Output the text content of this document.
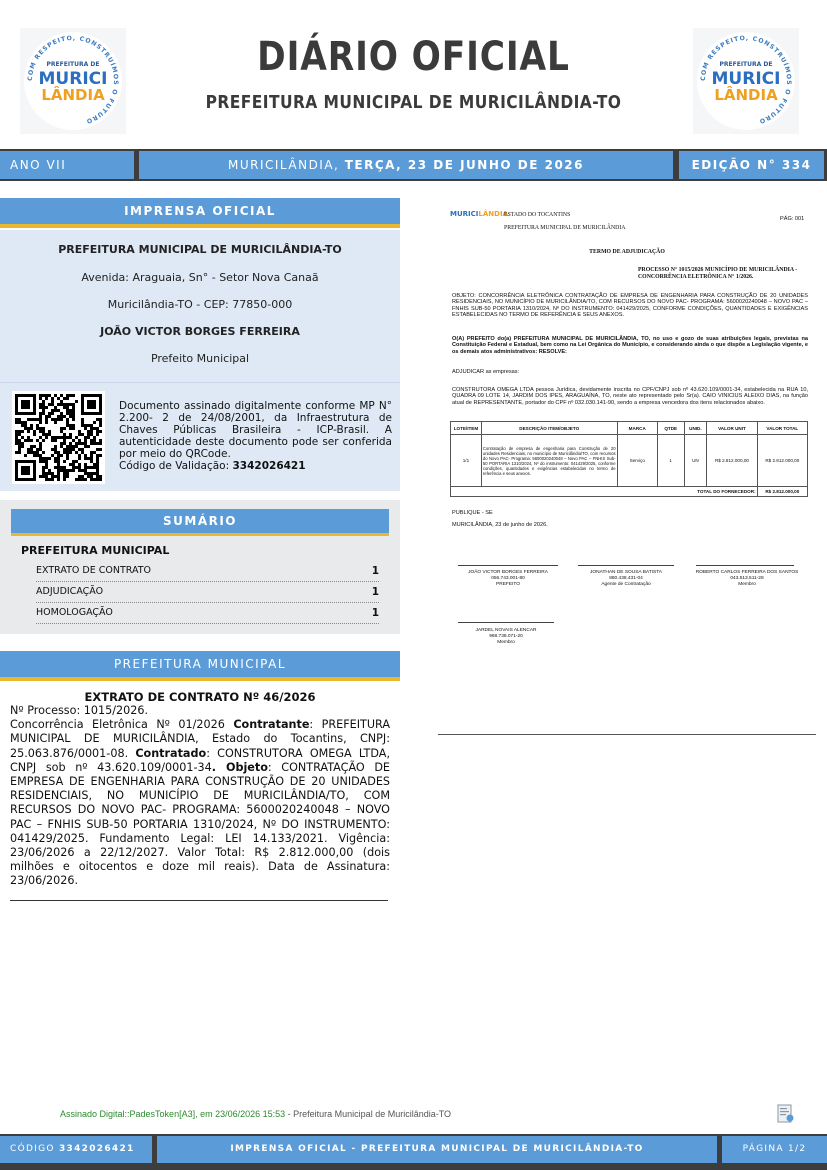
COM RESPEITO, CONSTRUÍMOS O FUTURO
PREFEITURA DE
MURICI
LÂNDIA
COM RESPEITO, CONSTRUÍMOS O FUTURO
PREFEITURA DE
MURICI
LÂNDIA
DIÁRIO OFICIAL
PREFEITURA MUNICIPAL DE MURICILÂNDIA-TO
ANO VII	MURICILÂNDIA, TERÇA, 23 DE JUNHO DE 2026	EDIÇÃO N° 334
IMPRENSA OFICIAL
PREFEITURA MUNICIPAL DE MURICILÂNDIA-TO
Avenida: Araguaia, Sn° - Setor Nova Canaã
Muricilândia-TO - CEP: 77850-000
JOÃO VICTOR BORGES FERREIRA
Prefeito Municipal
Documento assinado digitalmente conforme MP N° 2.200- 2 de 24/08/2001, da Infraestrutura de Chaves Públicas Brasileira - ICP-Brasil. A autenticidade deste documento pode ser conferida por meio do QRCode.
Código de Validação: 3342026421
SUMÁRIO
PREFEITURA MUNICIPAL
EXTRATO DE CONTRATO	1
ADJUDICAÇÃO	1
HOMOLOGAÇÃO	1
PREFEITURA MUNICIPAL
EXTRATO DE CONTRATO Nº 46/2026
Nº Processo: 1015/2026.
Concorrência Eletrônica Nº 01/2026 Contratante: PREFEITURA MUNICIPAL DE MURICILÂNDIA, Estado do Tocantins, CNPJ: 25.063.876/0001-08. Contratado: CONSTRUTORA OMEGA LTDA, CNPJ sob nº 43.620.109/0001-34. Objeto: CONTRATAÇÃO DE EMPRESA DE ENGENHARIA PARA CONSTRUÇÃO DE 20 UNIDADES RESIDENCIAIS, NO MUNICÍPIO DE MURICILÂNDIA/TO, COM RECURSOS DO NOVO PAC- PROGRAMA: 5600020240048 – NOVO PAC – FNHIS SUB-50 PORTARIA 1310/2024, Nº DO INSTRUMENTO: 041429/2025. Fundamento Legal: LEI 14.133/2021. Vigência: 23/06/2026 a 22/12/2027. Valor Total: R$ 2.812.000,00 (dois milhões e oitocentos e doze mil reais). Data de Assinatura: 23/06/2026.
MURICILÂNDIA
ESTADO DO TOCANTINS
PÁG: 001
PREFEITURA MUNICIPAL DE MURICILÂNDIA
TERMO DE ADJUDICAÇÃO
PROCESSO N° 1015/2026 MUNICÍPIO DE MURICILÂNDIA - CONCORRÊNCIA ELETRÔNICA N° 1/2026.
OBJETO: CONCORRÊNCIA ELETRÔNICA CONTRATAÇÃO DE EMPRESA DE ENGENHARIA PARA CONSTRUÇÃO DE 20 UNIDADES RESIDENCIAIS, NO MUNICÍPIO DE MURICILÂNDIA/TO, COM RECURSOS DO NOVO PAC- PROGRAMA: 5600020240048 – NOVO PAC – FNHIS SUB-50 PORTARIA 1310/2024, Nº DO INSTRUMENTO: 041429/2025, CONFORME CONDIÇÕES, QUANTIDADES E EXIGÊNCIAS ESTABELECIDAS NO TERMO DE REFERÊNCIA E SEUS ANEXOS.
O(A) PREFEITO do(a) PREFEITURA MUNICIPAL DE MURICILÂNDIA, TO, no uso e gozo de suas atribuições legais, previstas na Constituição Federal e Estadual, bem como na Lei Orgânica do Município, e considerando ainda o que dispõe a Legislação vigente, e os demais atos administrativos: RESOLVE:
ADJUDICAR as empresas:
CONSTRUTORA OMEGA LTDA pessoa Jurídica, devidamente inscrita no CPF/CNPJ sob nº 43.620.109/0001-34, estabelecida na RUA 10, QUADRA 09 LOTE 14, JARDIM DOS IPES, ARAGUAÍNA, TO, neste ato representado pelo Sr(a). CAIO VINICIUS ALEIXO DIAS, na função atual de REPRESENTANTE, portador do CPF nº 032.030.141-90, sendo a empresa vencedora dos itens relacionados abaixo.
LOTE/ITEM	DESCRIÇÃO ITEM/OBJETO	MARCA	QTDE	UNID.	VALOR UNIT	VALOR TOTAL
1/1	Contratação de empresa de engenharia para Construção de 20 unidades Residenciais, no município de Muricilândia/TO, com recursos do Novo PAC- Programa: 5600020240048 – Novo PAC – FNHIS Sub-50 PORTARIA 1310/2024, Nº do instrumento: 041429/2025, conforme condições, quantidades e exigências estabelecidas no termo de referência e seus anexos.	Serviço	1	UN	R$ 2.812.000,00	R$ 2.812.000,00
TOTAL DO FORNECEDOR:						R$ 2.812.000,00
PUBLIQUE - SE
MURICILÂNDIA, 23 de junho de 2026.
JOÃO VICTOR BORGES FERREIRA
056.743.001-80
PREFEITO
JONATHAN DE SOUSA BATISTA
880.438.431-04
Agente de Contratação
ROBERTO CARLOS FERREIRA DOS SANTOS
043.513.511-28
Membro
JARDEL NOVAIS ALENCAR
968.738.071-20
Membro
Assinado Digital::PadesToken[A3], em 23/06/2026 15:53 - Prefeitura Municipal de Muricilândia-TO
CÓDIGO 3342026421	IMPRENSA OFICIAL - PREFEITURA MUNICIPAL DE MURICILÂNDIA-TO	PÁGINA 1/2
